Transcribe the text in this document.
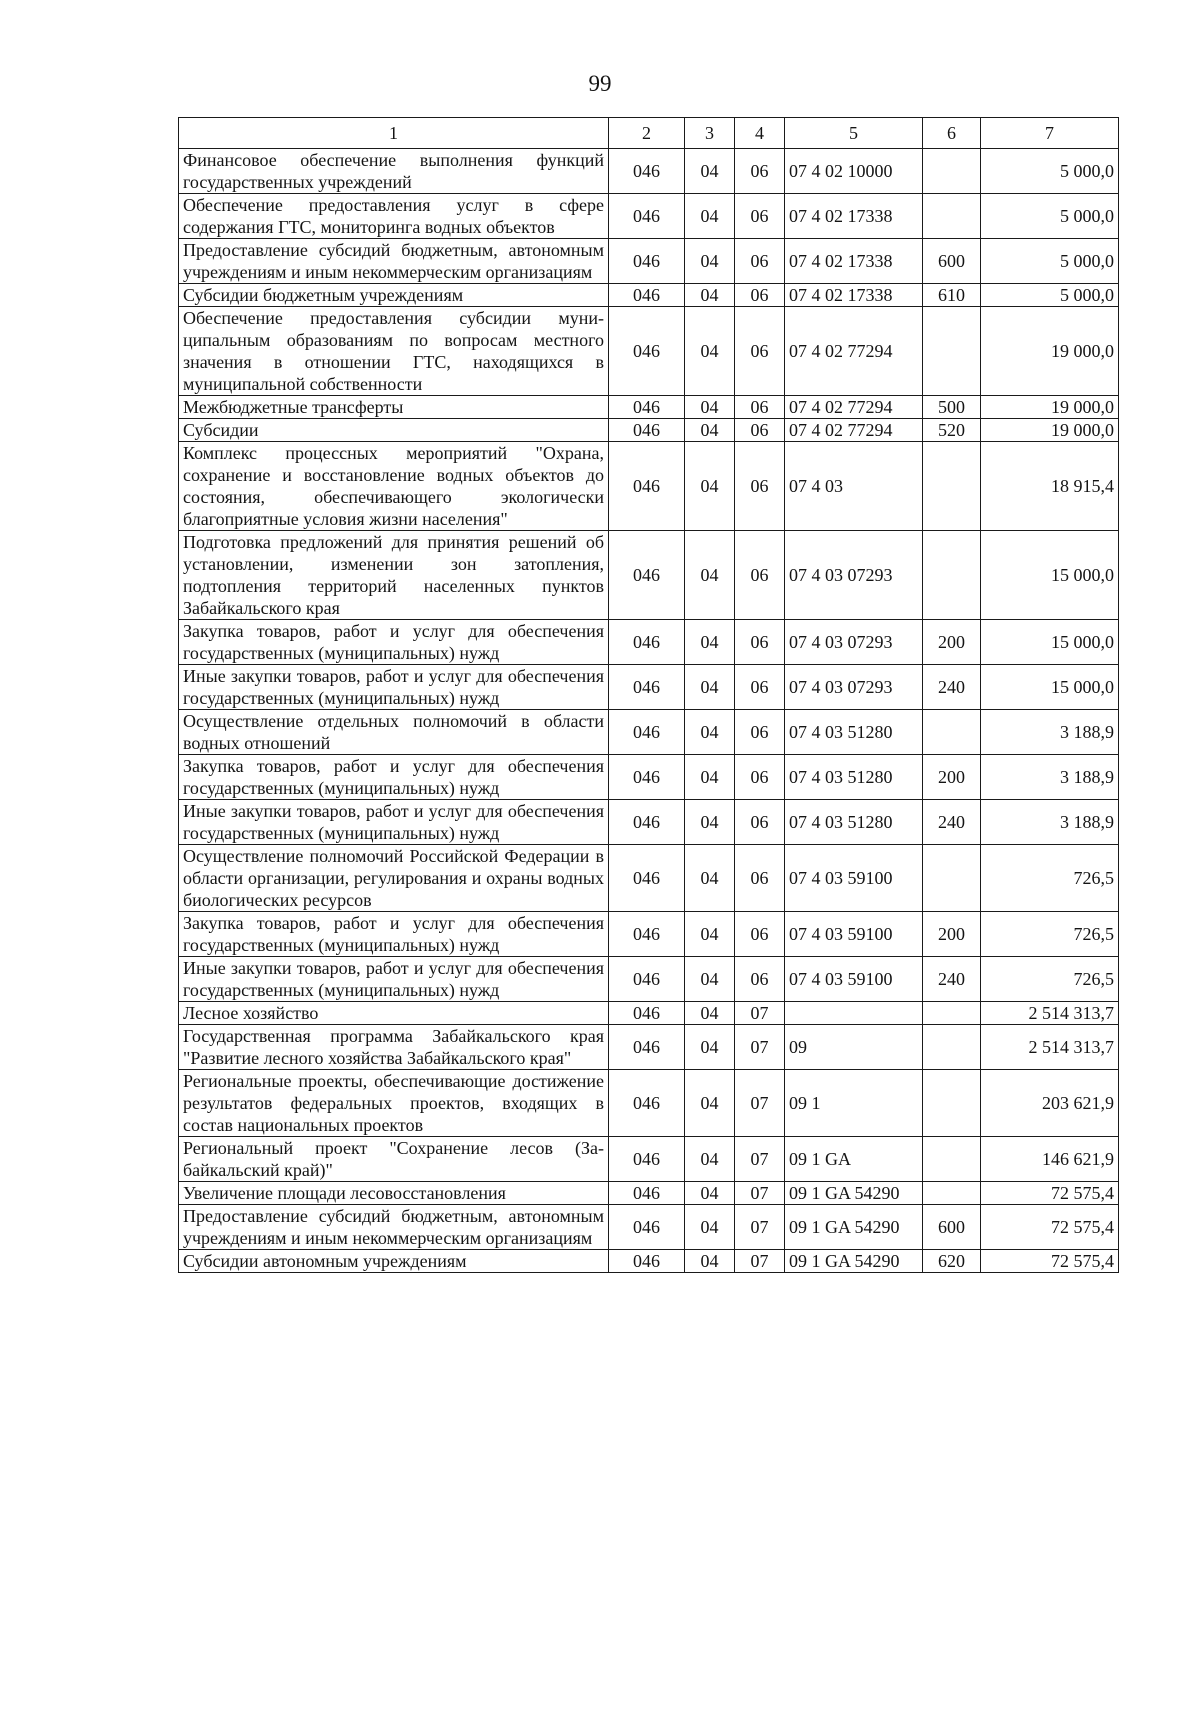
99
1	2	3	4	5	6	7
Финансовое обеспечение выполнения функций государственных учреждений	046	04	06	07 4 02 10000		5 000,0
Обеспечение предоставления услуг в сфере содержания ГТС, мониторинга водных объектов	046	04	06	07 4 02 17338		5 000,0
Предоставление субсидий бюджетным, автономным учреждениям и иным некоммерческим организациям	046	04	06	07 4 02 17338	600	5 000,0
Субсидии бюджетным учреждениям	046	04	06	07 4 02 17338	610	5 000,0
Обеспечение предоставления субсидии муниципальным образованиям по вопросам местного значения в отношении ГТС, находящихся в муниципальной собственности	046	04	06	07 4 02 77294		19 000,0
Межбюджетные трансферты	046	04	06	07 4 02 77294	500	19 000,0
Субсидии	046	04	06	07 4 02 77294	520	19 000,0
Комплекс процессных мероприятий "Охрана, сохранение и восстановление водных объектов до состояния, обеспечивающего экологически благоприятные условия жизни населения"	046	04	06	07 4 03		18 915,4
Подготовка предложений для принятия решений об установлении, изменении зон затопления, подтопления территорий населенных пунктов Забайкальского края	046	04	06	07 4 03 07293		15 000,0
Закупка товаров, работ и услуг для обеспечения государственных (муниципальных) нужд	046	04	06	07 4 03 07293	200	15 000,0
Иные закупки товаров, работ и услуг для обеспечения государственных (муниципальных) нужд	046	04	06	07 4 03 07293	240	15 000,0
Осуществление отдельных полномочий в области водных отношений	046	04	06	07 4 03 51280		3 188,9
Закупка товаров, работ и услуг для обеспечения государственных (муниципальных) нужд	046	04	06	07 4 03 51280	200	3 188,9
Иные закупки товаров, работ и услуг для обеспечения государственных (муниципальных) нужд	046	04	06	07 4 03 51280	240	3 188,9
Осуществление полномочий Российской Федерации в области организации, регулирования и охраны водных биологических ресурсов	046	04	06	07 4 03 59100		726,5
Закупка товаров, работ и услуг для обеспечения государственных (муниципальных) нужд	046	04	06	07 4 03 59100	200	726,5
Иные закупки товаров, работ и услуг для обеспечения государственных (муниципальных) нужд	046	04	06	07 4 03 59100	240	726,5
Лесное хозяйство	046	04	07			2 514 313,7
Государственная программа Забайкальского края "Развитие лесного хозяйства Забайкальского края"	046	04	07	09		2 514 313,7
Региональные проекты, обеспечивающие достижение результатов федеральных проектов, входящих в состав национальных проектов	046	04	07	09 1		203 621,9
Региональный проект "Сохранение лесов (Забайкальский край)"	046	04	07	09 1 GA		146 621,9
Увеличение площади лесовосстановления	046	04	07	09 1 GA 54290		72 575,4
Предоставление субсидий бюджетным, автономным учреждениям и иным некоммерческим организациям	046	04	07	09 1 GA 54290	600	72 575,4
Субсидии автономным учреждениям	046	04	07	09 1 GA 54290	620	72 575,4
